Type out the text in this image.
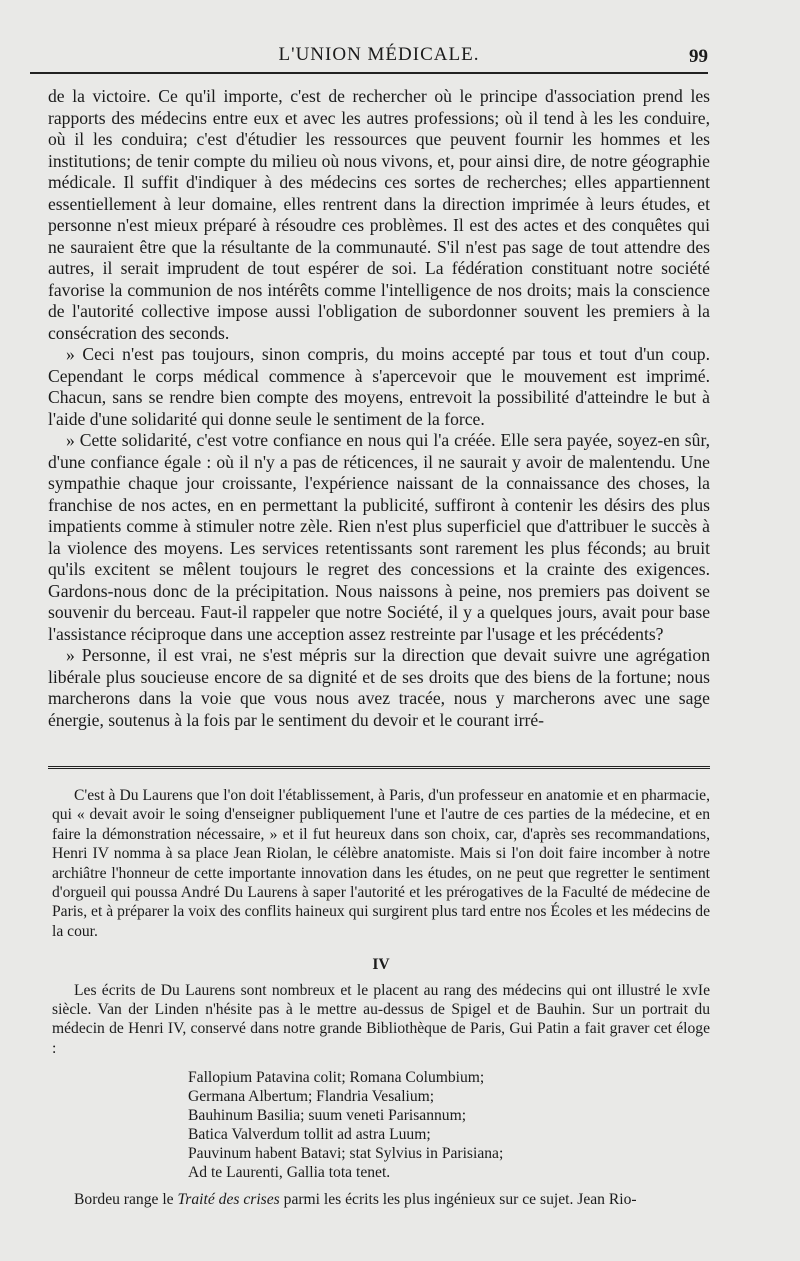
L'UNION MÉDICALE.	99

de la victoire. Ce qu'il importe, c'est de rechercher où le principe d'association prend les rapports des médecins entre eux et avec les autres professions; où il tend à les les conduire, où il les conduira; c'est d'étudier les ressources que peuvent fournir les hommes et les institutions; de tenir compte du milieu où nous vivons, et, pour ainsi dire, de notre géographie médicale. Il suffit d'indiquer à des médecins ces sortes de recherches; elles appartiennent essentiellement à leur domaine, elles rentrent dans la direction imprimée à leurs études, et personne n'est mieux préparé à résoudre ces problèmes. Il est des actes et des conquêtes qui ne sauraient être que la résultante de la communauté. S'il n'est pas sage de tout attendre des autres, il serait imprudent de tout espérer de soi. La fédération constituant notre société favorise la communion de nos intérêts comme l'intelligence de nos droits; mais la conscience de l'autorité collective impose aussi l'obligation de subordonner souvent les premiers à la consécration des seconds.

» Ceci n'est pas toujours, sinon compris, du moins accepté par tous et tout d'un coup. Cependant le corps médical commence à s'apercevoir que le mouvement est imprimé. Chacun, sans se rendre bien compte des moyens, entrevoit la possibilité d'atteindre le but à l'aide d'une solidarité qui donne seule le sentiment de la force.

» Cette solidarité, c'est votre confiance en nous qui l'a créée. Elle sera payée, soyez-en sûr, d'une confiance égale : où il n'y a pas de réticences, il ne saurait y avoir de malentendu. Une sympathie chaque jour croissante, l'expérience naissant de la connaissance des choses, la franchise de nos actes, en en permettant la publicité, suffiront à contenir les désirs des plus impatients comme à stimuler notre zèle. Rien n'est plus superficiel que d'attribuer le succès à la violence des moyens. Les services retentissants sont rarement les plus féconds; au bruit qu'ils excitent se mêlent toujours le regret des concessions et la crainte des exigences. Gardons-nous donc de la précipitation. Nous naissons à peine, nos premiers pas doivent se souvenir du berceau. Faut-il rappeler que notre Société, il y a quelques jours, avait pour base l'assistance réciproque dans une acception assez restreinte par l'usage et les précédents?

» Personne, il est vrai, ne s'est mépris sur la direction que devait suivre une agrégation libérale plus soucieuse encore de sa dignité et de ses droits que des biens de la fortune; nous marcherons dans la voie que vous nous avez tracée, nous y marcherons avec une sage énergie, soutenus à la fois par le sentiment du devoir et le courant irré-

C'est à Du Laurens que l'on doit l'établissement, à Paris, d'un professeur en anatomie et en pharmacie, qui « devait avoir le soing d'enseigner publiquement l'une et l'autre de ces parties de la médecine, et en faire la démonstration nécessaire, » et il fut heureux dans son choix, car, d'après ses recommandations, Henri IV nomma à sa place Jean Riolan, le célèbre anatomiste. Mais si l'on doit faire incomber à notre archiâtre l'honneur de cette importante innovation dans les études, on ne peut que regretter le sentiment d'orgueil qui poussa André Du Laurens à saper l'autorité et les prérogatives de la Faculté de médecine de Paris, et à préparer la voix des conflits haineux qui surgirent plus tard entre nos Écoles et les médecins de la cour.

IV

Les écrits de Du Laurens sont nombreux et le placent au rang des médecins qui ont illustré le xvIe siècle. Van der Linden n'hésite pas à le mettre au-dessus de Spigel et de Bauhin. Sur un portrait du médecin de Henri IV, conservé dans notre grande Bibliothèque de Paris, Gui Patin a fait graver cet éloge :

Fallopium Patavina colit; Romana Columbium;
Germana Albertum; Flandria Vesalium;
Bauhinum Basilia; suum veneti Parisannum;
Batica Valverdum tollit ad astra Luum;
Pauvinum habent Batavi; stat Sylvius in Parisiana;
Ad te Laurenti, Gallia tota tenet.

Bordeu range le Traité des crises parmi les écrits les plus ingénieux sur ce sujet. Jean Rio-
